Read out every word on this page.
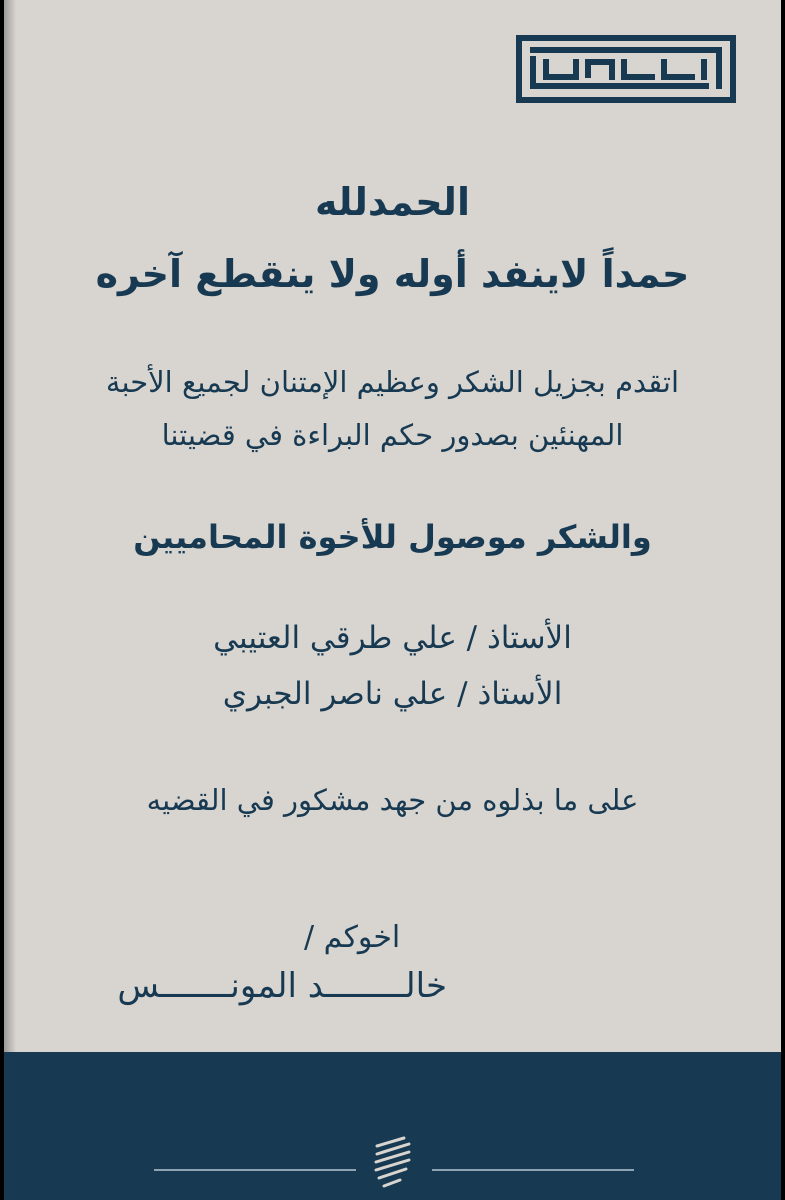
الحمدلله
حمداً لاينفد أوله ولا ينقطع آخره
اتقدم بجزيل الشكر وعظيم الإمتنان لجميع الأحبة
المهنئين بصدور حكم البراءة في قضيتنا
والشكر موصول للأخوة المحاميين
الأستاذ / علي طرقي العتيبي
الأستاذ / علي ناصر الجبري
على ما بذلوه من جهد مشكور في القضيه
اخوكم /
خالــــــــد المونـــــــس
